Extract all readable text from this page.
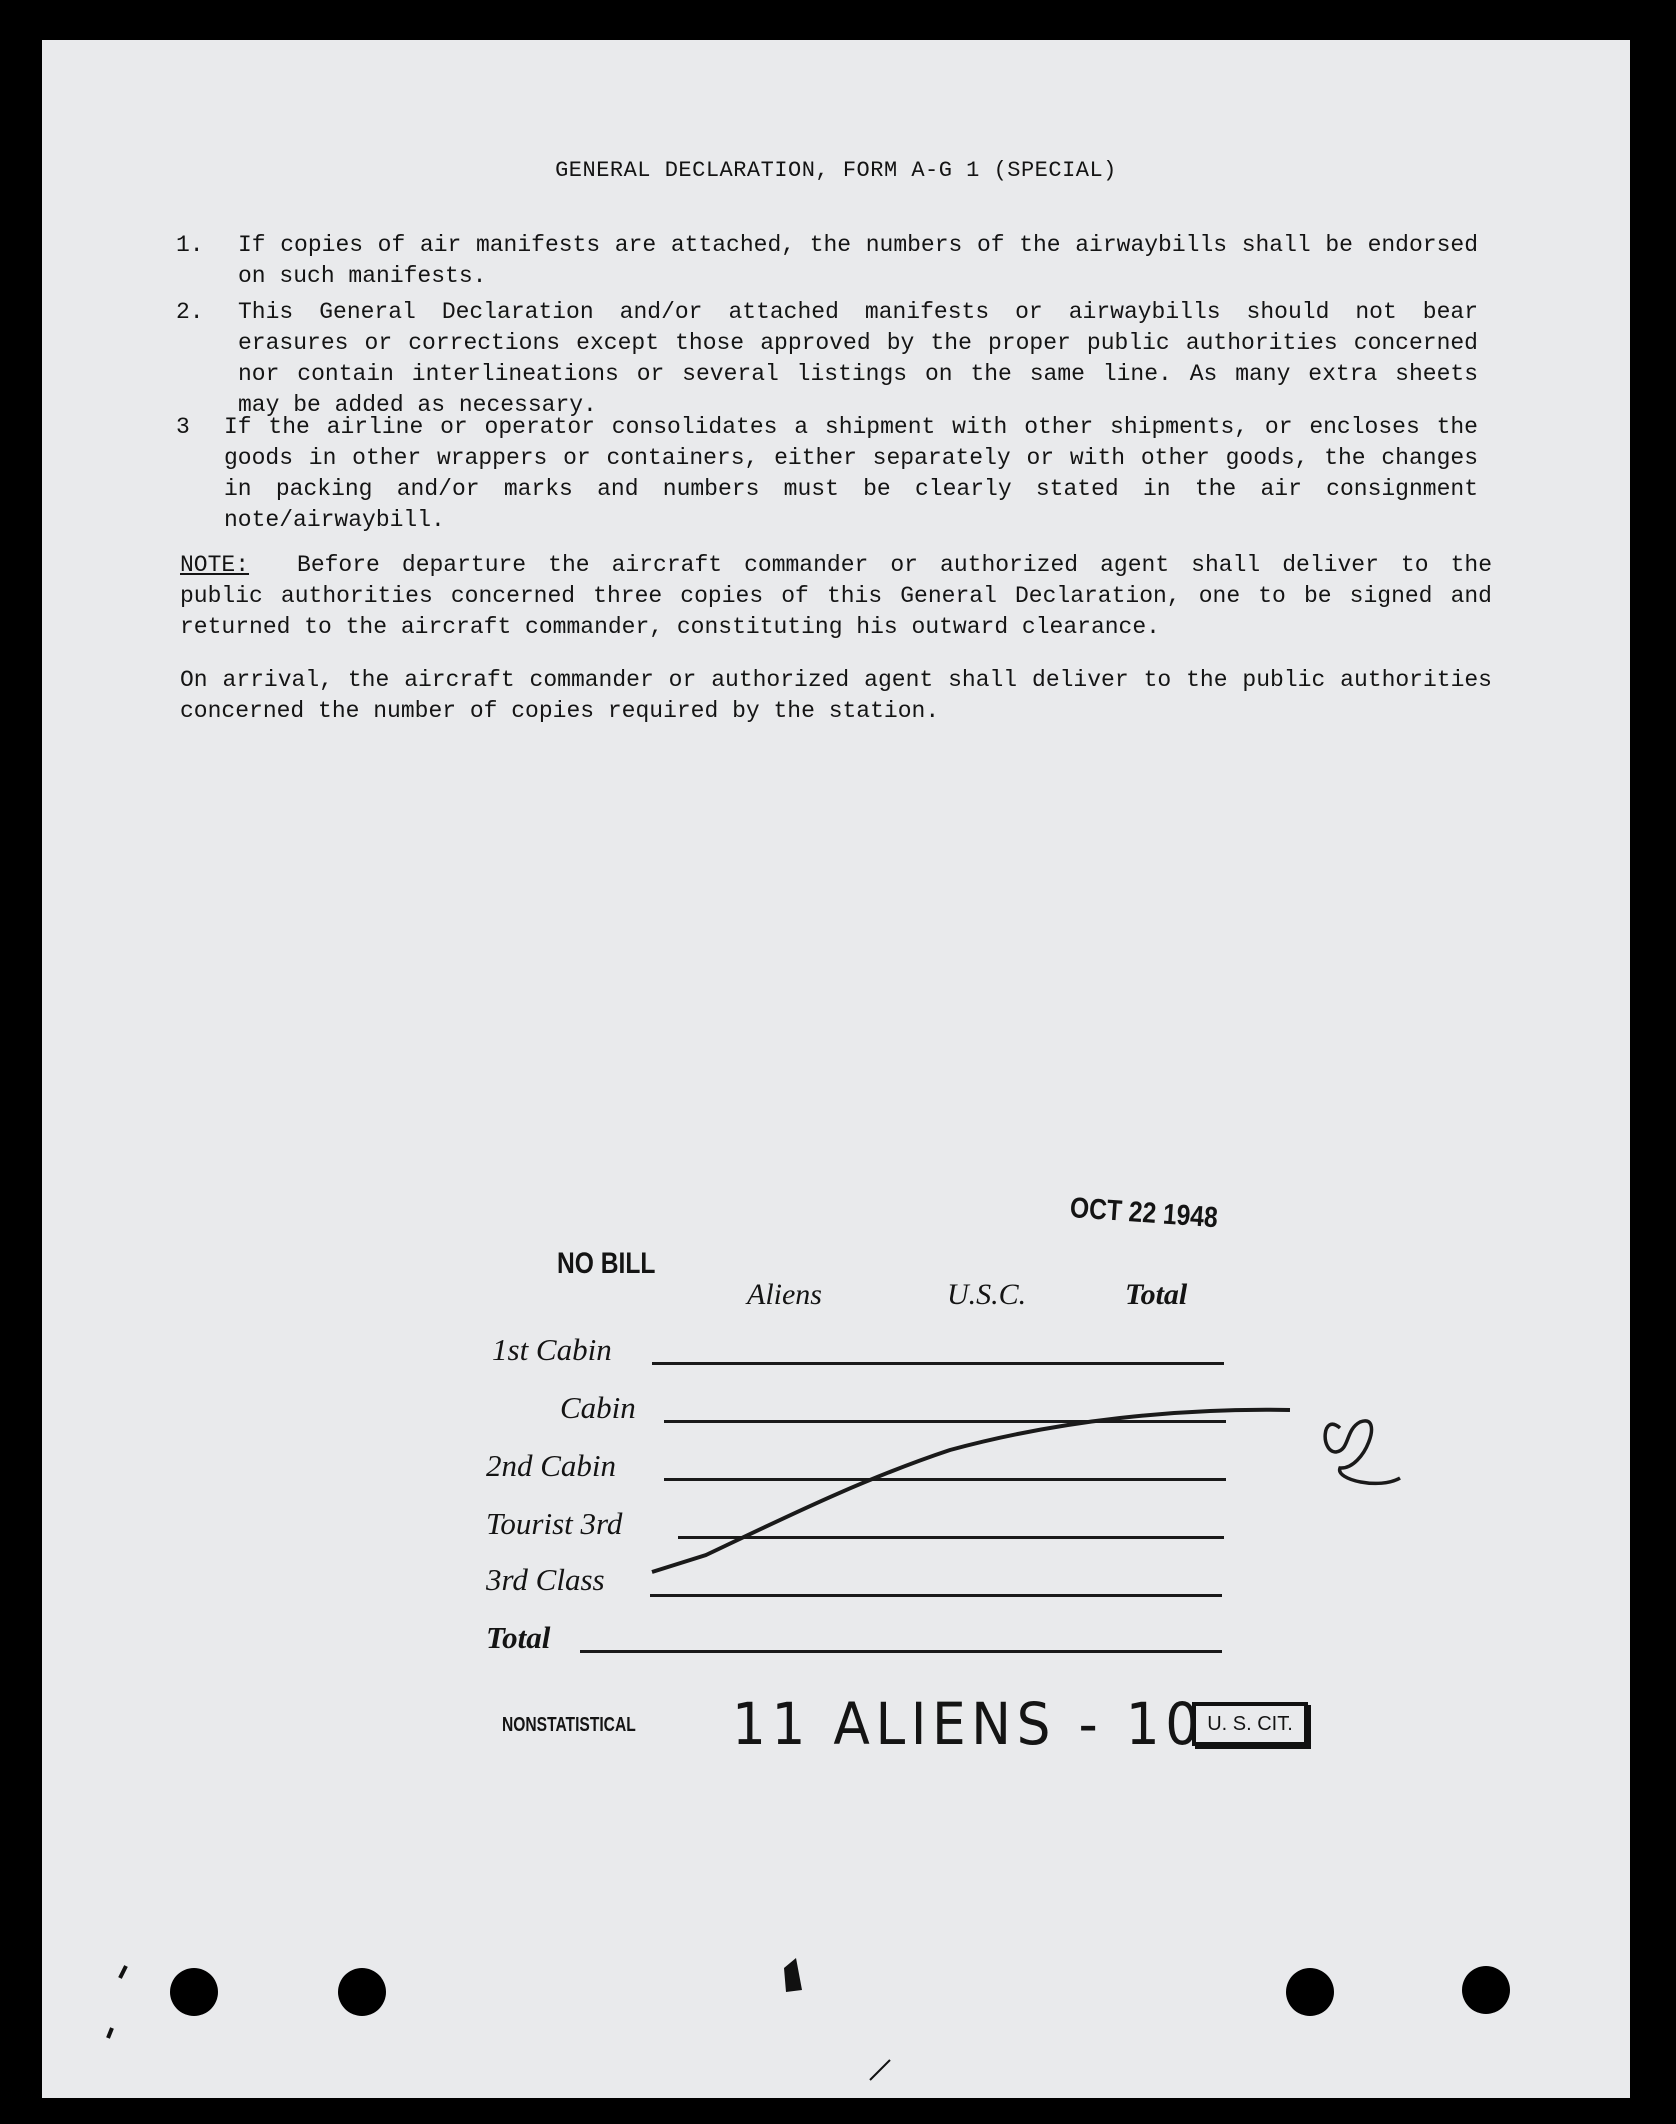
GENERAL DECLARATION, FORM A-G 1 (SPECIAL)
1. If copies of air manifests are attached, the numbers of the airwaybills shall be endorsed on such manifests.
2. This General Declaration and/or attached manifests or airwaybills should not bear erasures or corrections except those approved by the proper public authorities concerned nor contain interlineations or several listings on the same line. As many extra sheets may be added as necessary.
3 If the airline or operator consolidates a shipment with other shipments, or encloses the goods in other wrappers or containers, either separately or with other goods, the changes in packing and/or marks and numbers must be clearly stated in the air consignment note/airwaybill.
NOTE: Before departure the aircraft commander or authorized agent shall deliver to the public authorities concerned three copies of this General Declaration, one to be signed and returned to the aircraft commander, constituting his outward clearance.
On arrival, the aircraft commander or authorized agent shall deliver to the public authorities concerned the number of copies required by the station.
OCT 22 1948
NO BILL
Aliens	U.S.C.	Total
1st Cabin
Cabin
2nd Cabin
Tourist 3rd
3rd Class
Total
NONSTATISTICAL 11 ALIENS - 10 U. S. CIT.
